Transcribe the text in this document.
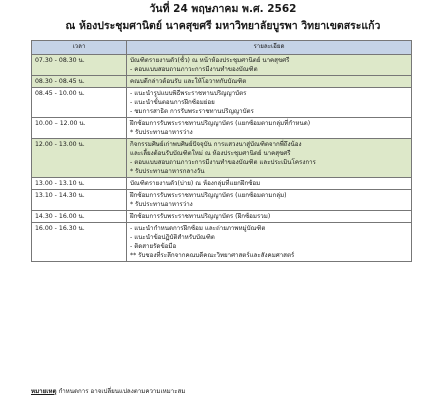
วันที่ 24 พฤษภาคม พ.ศ. 2562
ณ ห้องประชุมศานิตย์ นาคสุขศรี มหาวิทยาลัยบูรพา วิทยาเขตสระแก้ว
เวลา	รายละเอียด
07.30 - 08.30 น.	บัณฑิตรายงานตัว(ชั้ว) ณ หน้าห้องประชุมศานิตย์ นาคสุขศรี
- คอบแบบสอบถามภาวะการมีงานทำของบัณฑิต

08.30 - 08.45 น.	คณบดีกล่าวต้อนรับ และให้โอวาทกับบัณฑิต

08.45 - 10.00 น.	- แนะนำรูปแบบพิธีพระราชทานปริญญาบัตร
- แนะนำขั้นตอนการฝึกซ้อมย่อย
- ชมการสาธิต การรับพระราชทานปริญญาบัตร

10.00 – 12.00 น.	ฝึกซ้อมการรับพระราชทานปริญญาบัตร (แยกซ้อมตามกลุ่มที่กำหนด)
* รับประทานอาหารว่าง

12.00 - 13.00 น.	กิจกรรมศิษย์เก่าพบศิษย์ปัจจุบัน การแสวงนาสู่บัณฑิตจากพี่ถึงน้อง
และเลี้ยงต้อนรับบัณฑิตใหม่ ณ ห้องประชุมศานิตย์ นาคสุขศรี
- ตอบแบบสอบถามภาวะการมีงานทำของบัณฑิต และประเมินโครงการ
* รับประทานอาหารกลางวัน

13.00 - 13.10 น.	บัณฑิตรายงานตัว(บ่าย) ณ ห้องกลุ่มที่แยกฝึกซ้อม

13.10 - 14.30 น.	ฝึกซ้อมการรับพระราชทานปริญญาบัตร (แยกซ้อมตามกลุ่ม)
* รับประทานอาหารว่าง

14.30 - 16.00 น.	ฝึกซ้อมการรับพระราชทานปริญญาบัตร (ฝึกซ้อมรวม)

16.00 - 16.30 น.	- แนะนำกำหนดการฝึกซ้อม และถ่ายภาพหมู่บัณฑิต
- แนะนำข้อปฏิบัติสำหรับบัณฑิต
- ติดสายรัดข้อมือ
** รับชองที่ระลึกจากคณบดีคณะวิทยาศาสตร์และสังคมศาสตร์
หมายเหตุ กำหนดการ อาจเปลี่ยนแปลงตามความเหมาะสม
